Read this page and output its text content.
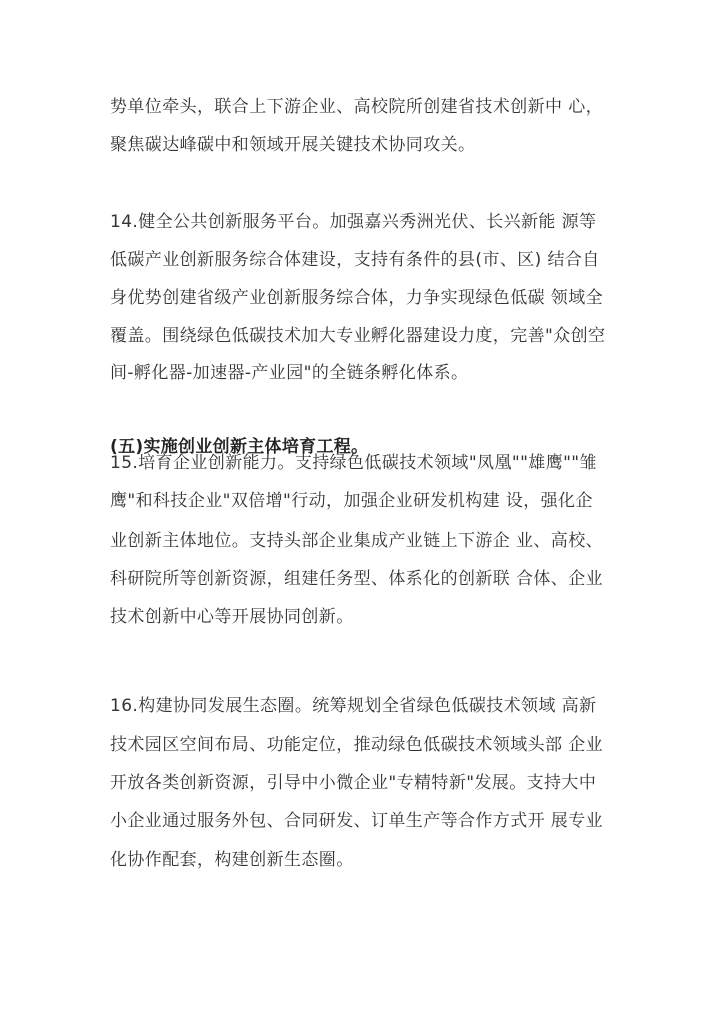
势单位牵头，联合上下游企业、高校院所创建省技术创新中 心，
聚焦碳达峰碳中和领域开展关键技术协同攻关。
14.健全公共创新服务平台。加强嘉兴秀洲光伏、长兴新能 源等
低碳产业创新服务综合体建设，支持有条件的县(市、区) 结合自
身优势创建省级产业创新服务综合体，力争实现绿色低碳 领域全
覆盖。围绕绿色低碳技术加大专业孵化器建设力度，完善"众创空
间-孵化器-加速器-产业园"的全链条孵化体系。
(五)实施创业创新主体培育工程。
15.培育企业创新能力。支持绿色低碳技术领域"凤凰""雄鹰""雏
鹰"和科技企业"双倍增"行动，加强企业研发机构建 设，强化企
业创新主体地位。支持头部企业集成产业链上下游企 业、高校、
科研院所等创新资源，组建任务型、体系化的创新联 合体、企业
技术创新中心等开展协同创新。
16.构建协同发展生态圈。统筹规划全省绿色低碳技术领域 高新
技术园区空间布局、功能定位，推动绿色低碳技术领域头部 企业
开放各类创新资源，引导中小微企业"专精特新"发展。支持大中
小企业通过服务外包、合同研发、订单生产等合作方式开 展专业
化协作配套，构建创新生态圈。
